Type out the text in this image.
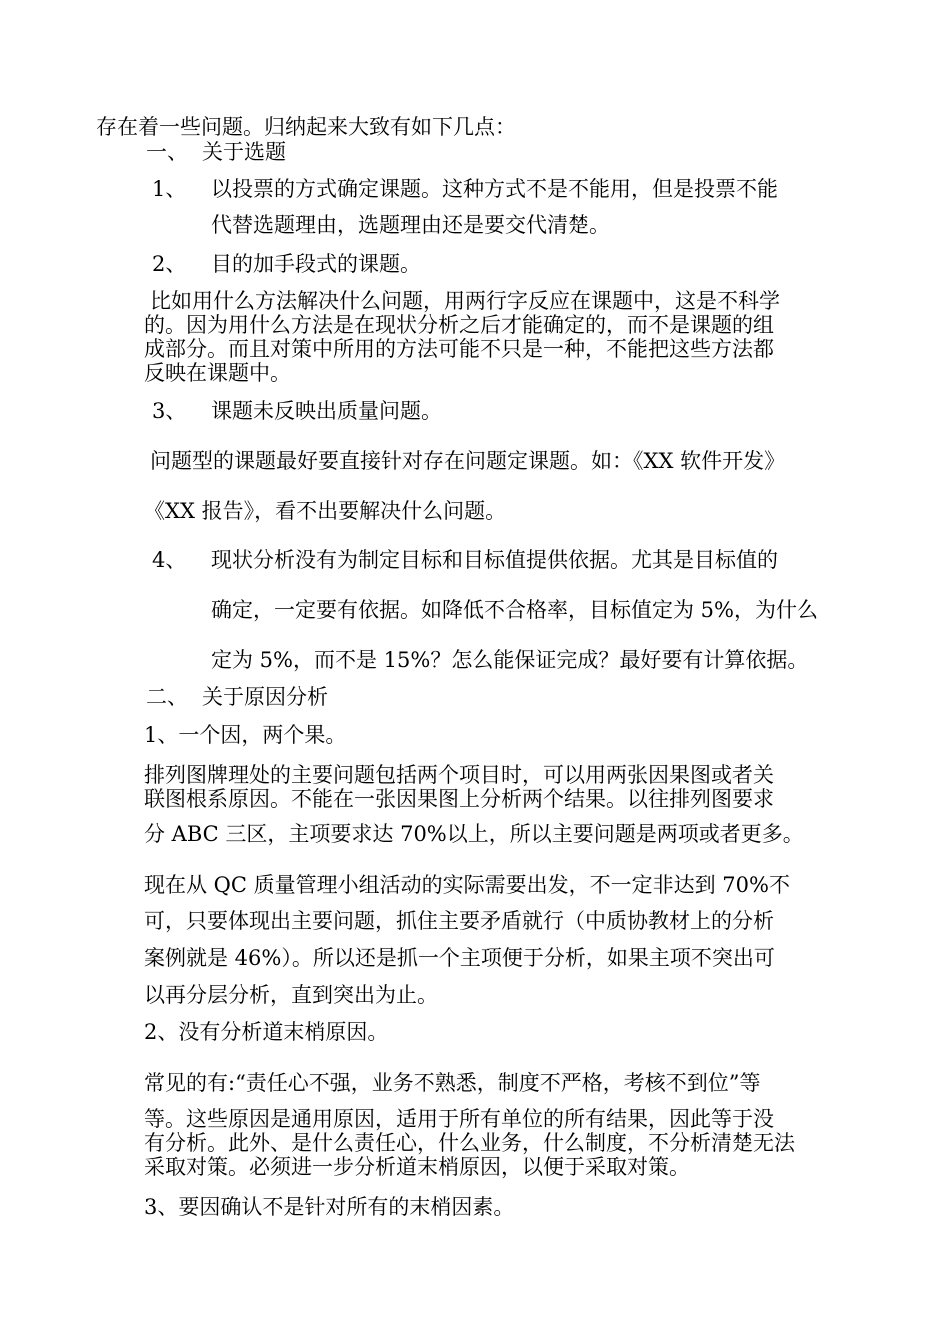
存在着一些问题。归纳起来大致有如下几点：
一、 关于选题
1、 以投票的方式确定课题。这种方式不是不能用，但是投票不能
代替选题理由，选题理由还是要交代清楚。
2、 目的加手段式的课题。
比如用什么方法解决什么问题，用两行字反应在课题中，这是不科学
的。因为用什么方法是在现状分析之后才能确定的，而不是课题的组
成部分。而且对策中所用的方法可能不只是一种，不能把这些方法都
反映在课题中。
3、 课题未反映出质量问题。
问题型的课题最好要直接针对存在问题定课题。如：《XX 软件开发》
《XX 报告》，看不出要解决什么问题。
4、 现状分析没有为制定目标和目标值提供依据。尤其是目标值的
确定，一定要有依据。如降低不合格率，目标值定为 5%，为什么
定为 5%，而不是 15%？怎么能保证完成？最好要有计算依据。
二、 关于原因分析
1、一个因，两个果。
排列图牌理处的主要问题包括两个项目时，可以用两张因果图或者关
联图根系原因。不能在一张因果图上分析两个结果。以往排列图要求
分 ABC 三区，主项要求达 70%以上，所以主要问题是两项或者更多。
现在从 QC 质量管理小组活动的实际需要出发，不一定非达到 70%不
可，只要体现出主要问题，抓住主要矛盾就行（中质协教材上的分析
案例就是 46%）。所以还是抓一个主项便于分析，如果主项不突出可
以再分层分析，直到突出为止。
2、没有分析道末梢原因。
常见的有:“责任心不强，业务不熟悉，制度不严格，考核不到位”等
等。这些原因是通用原因，适用于所有单位的所有结果，因此等于没
有分析。此外、是什么责任心，什么业务，什么制度，不分析清楚无法
采取对策。必须进一步分析道末梢原因，以便于采取对策。
3、要因确认不是针对所有的末梢因素。
